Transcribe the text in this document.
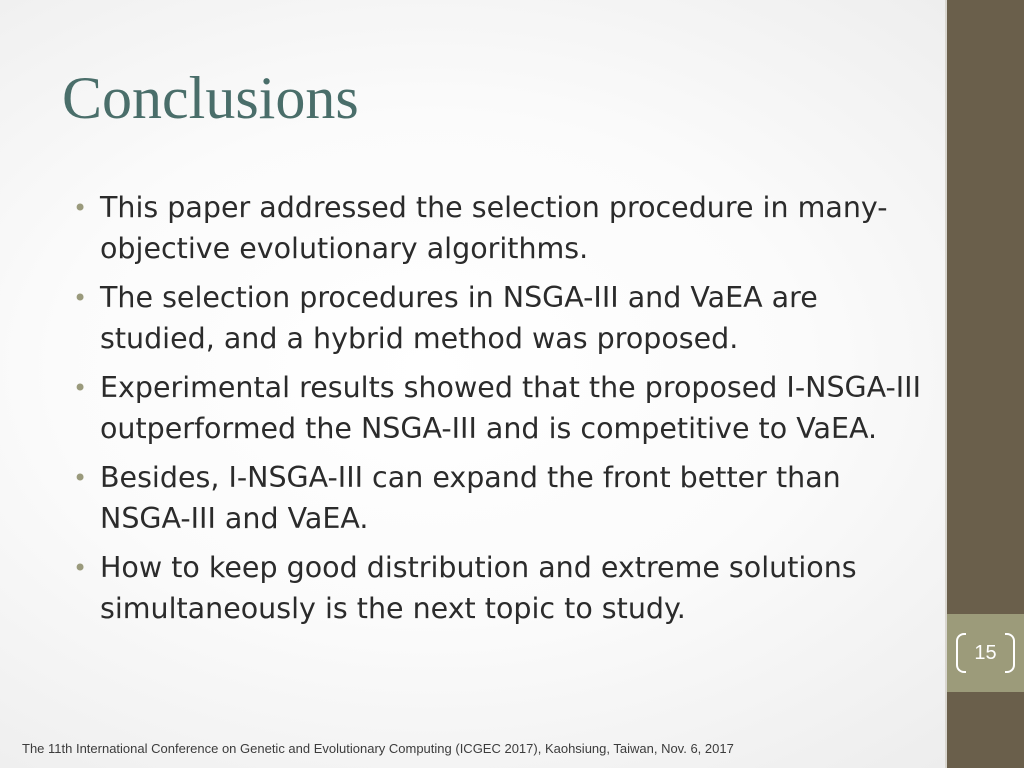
15
Conclusions
• This paper addressed the selection procedure in many-objective evolutionary algorithms.
• The selection procedures in NSGA-III and VaEA are studied, and a hybrid method was proposed.
• Experimental results showed that the proposed I-NSGA-III outperformed the NSGA-III and is competitive to VaEA.
• Besides, I-NSGA-III can expand the front better than NSGA-III and VaEA.
• How to keep good distribution and extreme solutions simultaneously is the next topic to study.
The 11th International Conference on Genetic and Evolutionary Computing (ICGEC 2017), Kaohsiung, Taiwan, Nov. 6, 2017
